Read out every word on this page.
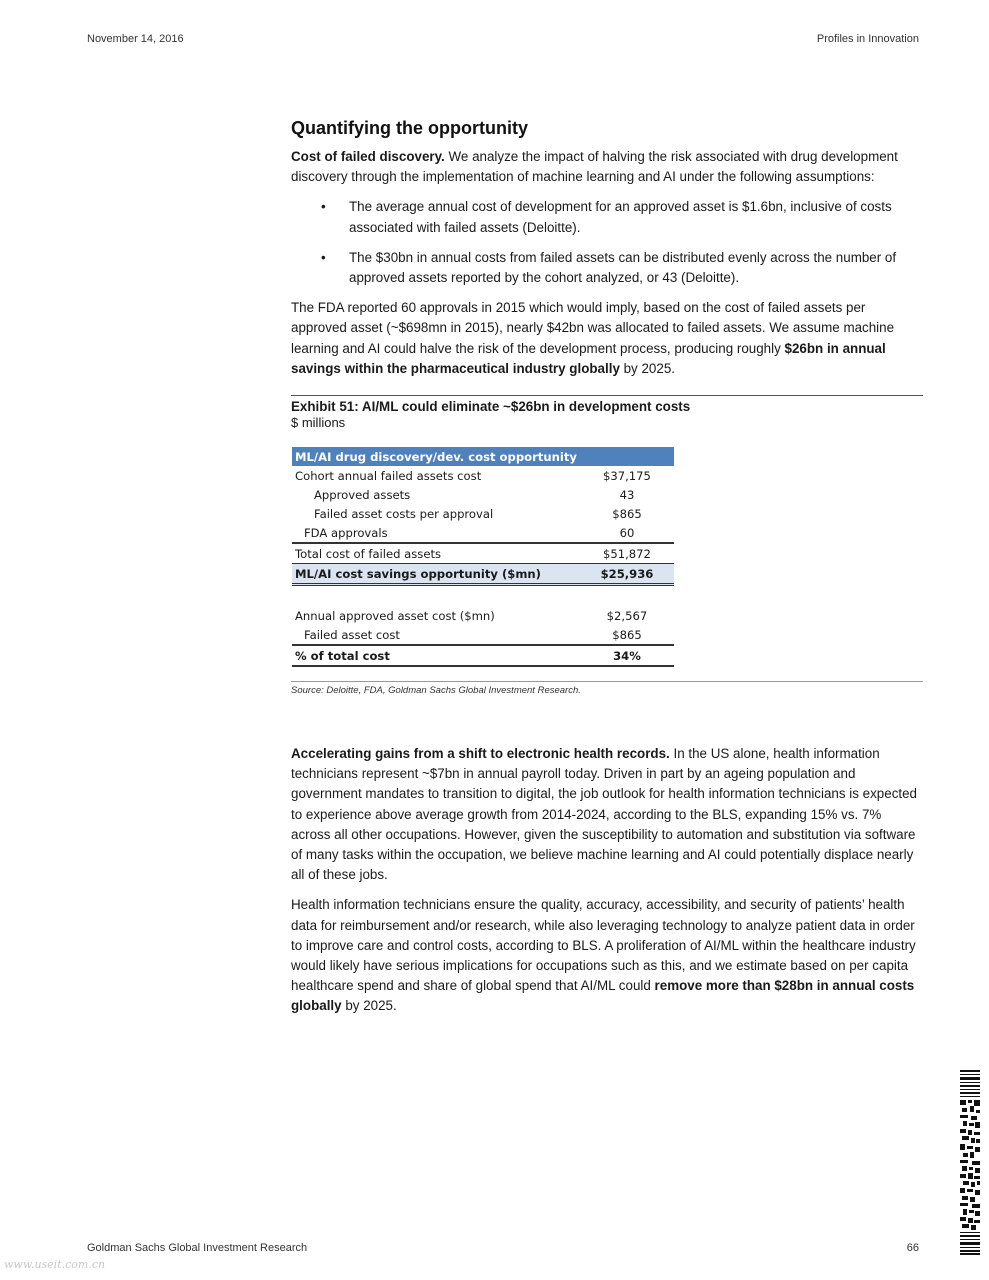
November 14, 2016	Profiles in Innovation
Quantifying the opportunity

Cost of failed discovery. We analyze the impact of halving the risk associated with drug development discovery through the implementation of machine learning and AI under the following assumptions:

• The average annual cost of development for an approved asset is $1.6bn, inclusive of costs associated with failed assets (Deloitte).
• The $30bn in annual costs from failed assets can be distributed evenly across the number of approved assets reported by the cohort analyzed, or 43 (Deloitte).

The FDA reported 60 approvals in 2015 which would imply, based on the cost of failed assets per approved asset (~$698mn in 2015), nearly $42bn was allocated to failed assets. We assume machine learning and AI could halve the risk of the development process, producing roughly $26bn in annual savings within the pharmaceutical industry globally by 2025.

Exhibit 51: AI/ML could eliminate ~$26bn in development costs
$ millions
ML/AI drug discovery/dev. cost opportunity	
Cohort annual failed assets cost	$37,175
Approved assets	43
Failed asset costs per approval	$865
FDA approvals	60
Total cost of failed assets	$51,872
ML/AI cost savings opportunity ($mn)	$25,936

Annual approved asset cost ($mn)	$2,567
Failed asset cost	$865
% of total cost	34%
Source: Deloitte, FDA, Goldman Sachs Global Investment Research.

Accelerating gains from a shift to electronic health records. In the US alone, health information technicians represent ~$7bn in annual payroll today. Driven in part by an ageing population and government mandates to transition to digital, the job outlook for health information technicians is expected to experience above average growth from 2014-2024, according to the BLS, expanding 15% vs. 7% across all other occupations. However, given the susceptibility to automation and substitution via software of many tasks within the occupation, we believe machine learning and AI could potentially displace nearly all of these jobs.

Health information technicians ensure the quality, accuracy, accessibility, and security of patients’ health data for reimbursement and/or research, while also leveraging technology to analyze patient data in order to improve care and control costs, according to BLS. A proliferation of AI/ML within the healthcare industry would likely have serious implications for occupations such as this, and we estimate based on per capita healthcare spend and share of global spend that AI/ML could remove more than $28bn in annual costs globally by 2025.

Goldman Sachs Global Investment Research	66
www.useit.com.cn
